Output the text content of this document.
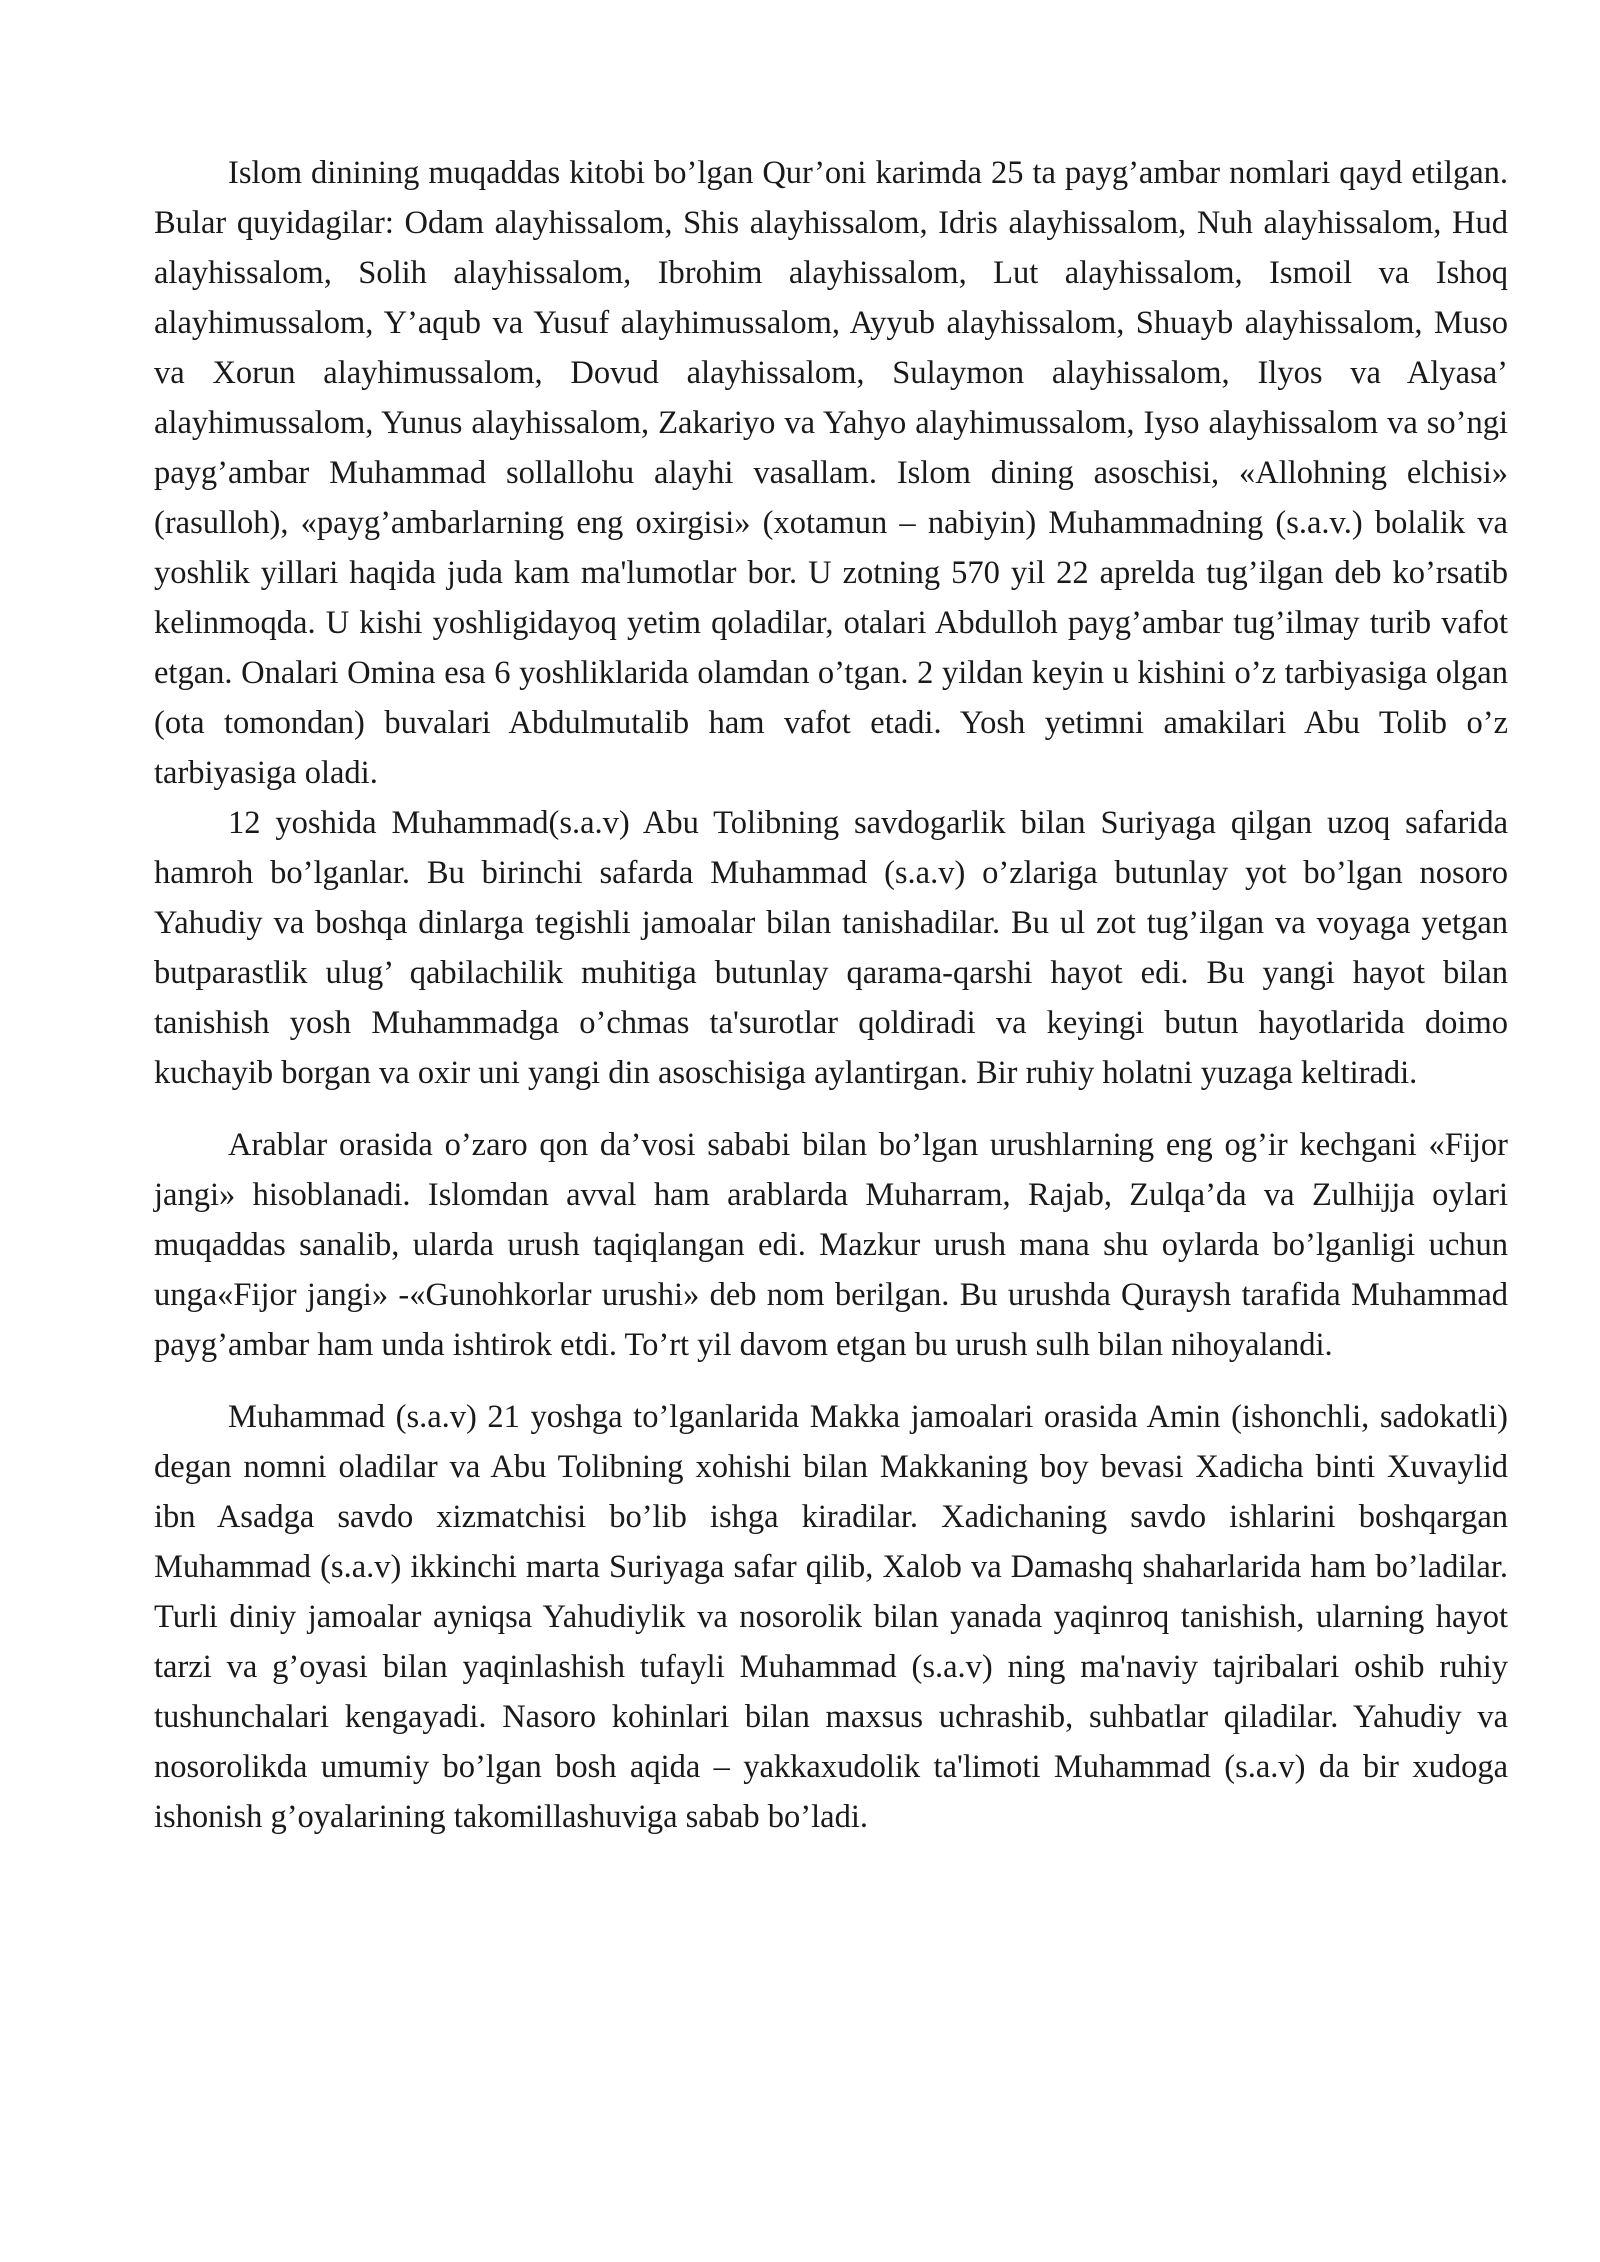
Islom dinining muqaddas kitobi bo’lgan Qur’oni karimda 25 ta payg’ambar nomlari qayd etilgan. Bular quyidagilar: Odam alayhissalom, Shis alayhissalom, Idris alayhissalom, Nuh alayhissalom, Hud alayhissalom, Solih alayhissalom, Ibrohim alayhissalom, Lut alayhissalom, Ismoil va Ishoq alayhimussalom, Y’aqub va Yusuf alayhimussalom, Ayyub alayhissalom, Shuayb alayhissalom, Muso va Xorun alayhimussalom, Dovud alayhissalom, Sulaymon alayhissalom, Ilyos va Alyasa’ alayhimussalom, Yunus alayhissalom, Zakariyo va Yahyo alayhimussalom, Iyso alayhissalom va so’ngi payg’ambar Muhammad sollallohu alayhi vasallam. Islom dining asoschisi, «Allohning elchisi» (rasulloh), «payg’ambarlarning eng oxirgisi» (xotamun – nabiyin) Muhammadning (s.a.v.) bolalik va yoshlik yillari haqida juda kam ma'lumotlar bor. U zotning 570 yil 22 aprelda tug’ilgan deb ko’rsatib kelinmoqda. U kishi yoshligidayoq yetim qoladilar, otalari Abdulloh payg’ambar tug’ilmay turib vafot etgan. Onalari Omina esa 6 yoshliklarida olamdan o’tgan. 2 yildan keyin u kishini o’z tarbiyasiga olgan (ota tomondan) buvalari Abdulmutalib ham vafot etadi. Yosh yetimni amakilari Abu Tolib o’z tarbiyasiga oladi.

12 yoshida Muhammad(s.a.v) Abu Tolibning savdogarlik bilan Suriyaga qilgan uzoq safarida hamroh bo’lganlar. Bu birinchi safarda Muhammad (s.a.v) o’zlariga butunlay yot bo’lgan nosoro Yahudiy va boshqa dinlarga tegishli jamoalar bilan tanishadilar. Bu ul zot tug’ilgan va voyaga yetgan butparastlik ulug’ qabilachilik muhitiga butunlay qarama-qarshi hayot edi. Bu yangi hayot bilan tanishish yosh Muhammadga o’chmas ta'surotlar qoldiradi va keyingi butun hayotlarida doimo kuchayib borgan va oxir uni yangi din asoschisiga aylantirgan. Bir ruhiy holatni yuzaga keltiradi.

Arablar orasida o’zaro qon da’vosi sababi bilan bo’lgan urushlarning eng og’ir kechgani «Fijor jangi» hisoblanadi. Islomdan avval ham arablarda Muharram, Rajab, Zulqa’da va Zulhijja oylari muqaddas sanalib, ularda urush taqiqlangan edi. Mazkur urush mana shu oylarda bo’lganligi uchun unga«Fijor jangi» -«Gunohkorlar urushi» deb nom berilgan. Bu urushda Quraysh tarafida Muhammad payg’ambar ham unda ishtirok etdi. To’rt yil davom etgan bu urush sulh bilan nihoyalandi.

Muhammad (s.a.v) 21 yoshga to’lganlarida Makka jamoalari orasida Amin (ishonchli, sadokatli) degan nomni oladilar va Abu Tolibning xohishi bilan Makkaning boy bevasi Xadicha binti Xuvaylid ibn Asadga savdo xizmatchisi bo’lib ishga kiradilar. Xadichaning savdo ishlarini boshqargan Muhammad (s.a.v) ikkinchi marta Suriyaga safar qilib, Xalob va Damashq shaharlarida ham bo’ladilar. Turli diniy jamoalar ayniqsa Yahudiylik va nosorolik bilan yanada yaqinroq tanishish, ularning hayot tarzi va g’oyasi bilan yaqinlashish tufayli Muhammad (s.a.v) ning ma'naviy tajribalari oshib ruhiy tushunchalari kengayadi. Nasoro kohinlari bilan maxsus uchrashib, suhbatlar qiladilar. Yahudiy va nosorolikda umumiy bo’lgan bosh aqida – yakkaxudolik ta'limoti Muhammad (s.a.v) da bir xudoga ishonish g’oyalarining takomillashuviga sabab bo’ladi.
